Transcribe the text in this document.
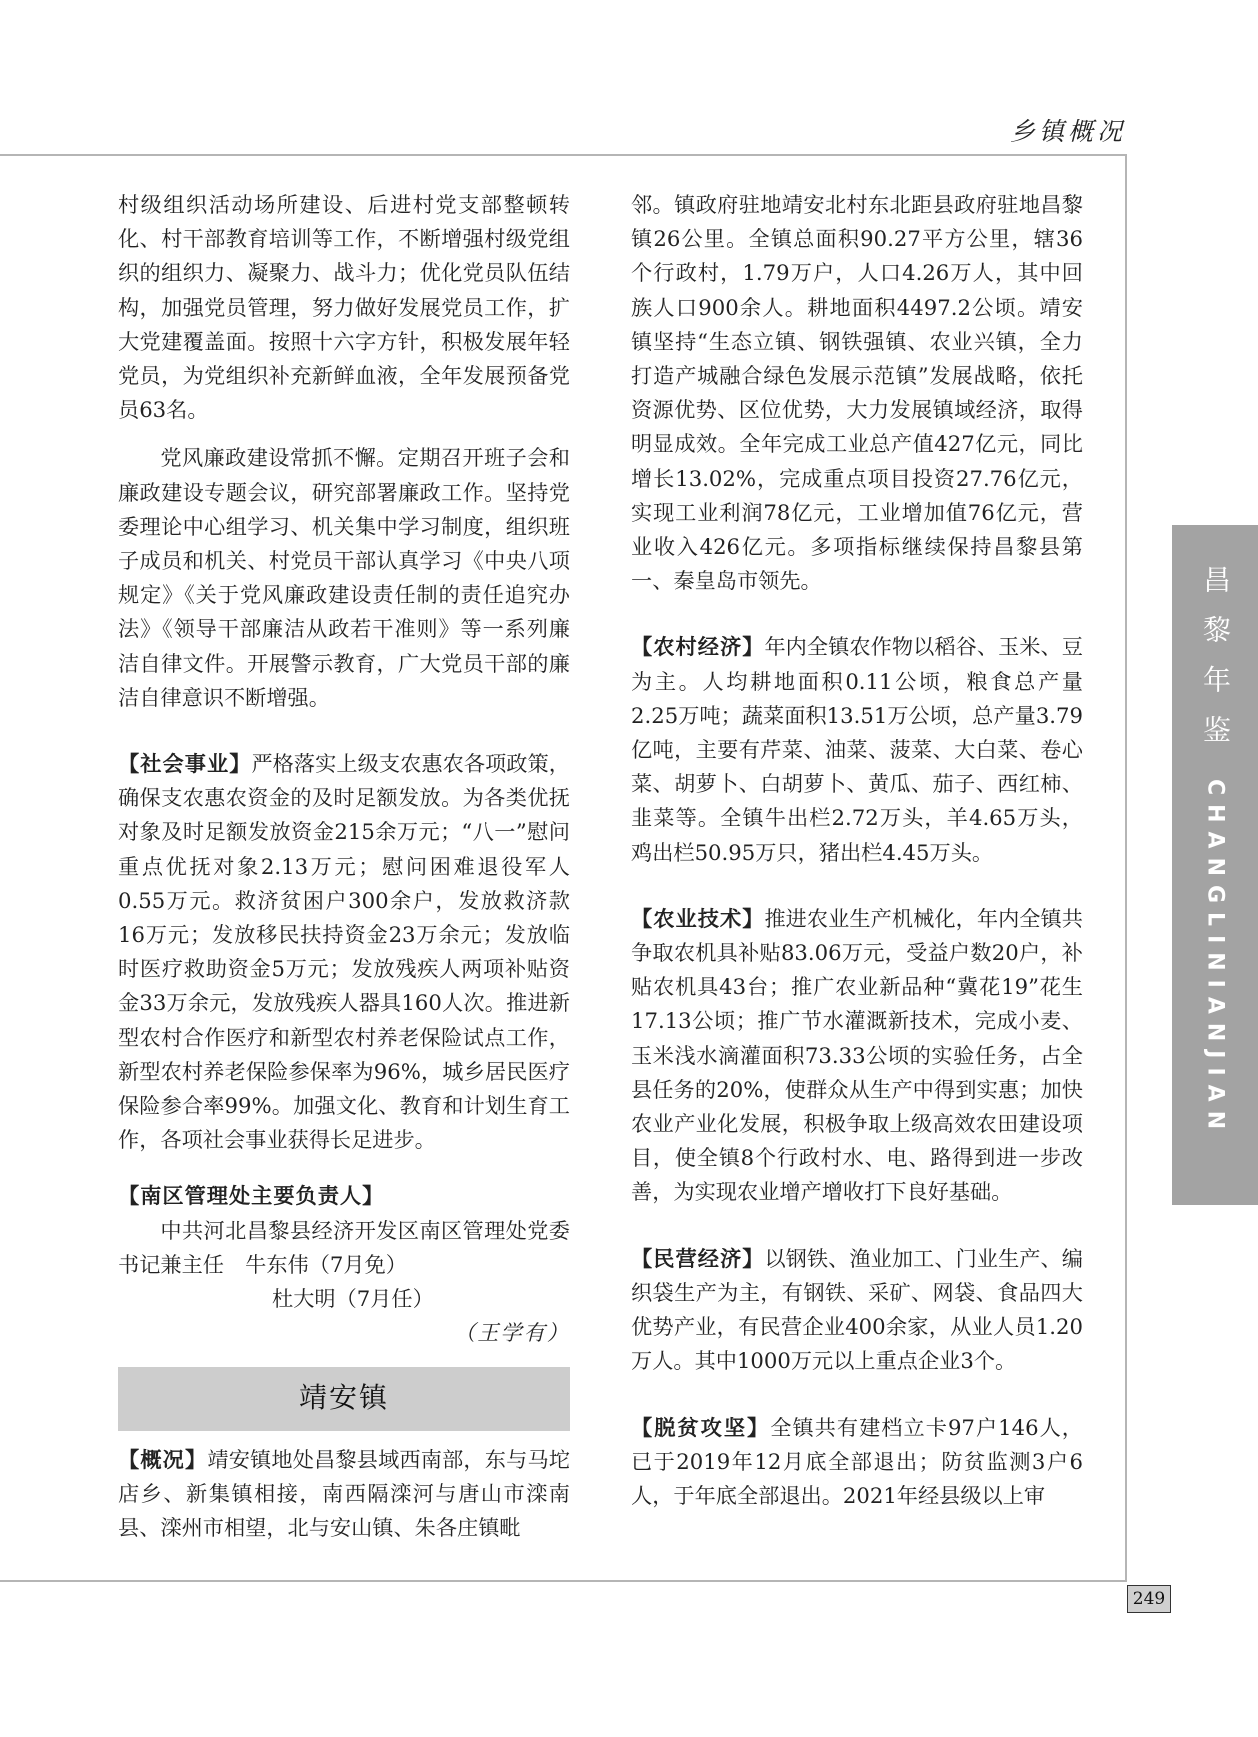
乡镇概况

村级组织活动场所建设、后进村党支部整顿转化、村干部教育培训等工作，不断增强村级党组织的组织力、凝聚力、战斗力；优化党员队伍结构，加强党员管理，努力做好发展党员工作，扩大党建覆盖面。按照十六字方针，积极发展年轻党员，为党组织补充新鲜血液，全年发展预备党员63名。

党风廉政建设常抓不懈。定期召开班子会和廉政建设专题会议，研究部署廉政工作。坚持党委理论中心组学习、机关集中学习制度，组织班子成员和机关、村党员干部认真学习《中央八项规定》《关于党风廉政建设责任制的责任追究办法》《领导干部廉洁从政若干准则》等一系列廉洁自律文件。开展警示教育，广大党员干部的廉洁自律意识不断增强。

【社会事业】严格落实上级支农惠农各项政策，确保支农惠农资金的及时足额发放。为各类优抚对象及时足额发放资金215余万元；“八一”慰问重点优抚对象2.13万元；慰问困难退役军人0.55万元。救济贫困户300余户，发放救济款16万元；发放移民扶持资金23万余元；发放临时医疗救助资金5万元；发放残疾人两项补贴资金33万余元，发放残疾人器具160人次。推进新型农村合作医疗和新型农村养老保险试点工作，新型农村养老保险参保率为96%，城乡居民医疗保险参合率99%。加强文化、教育和计划生育工作，各项社会事业获得长足进步。

【南区管理处主要负责人】

中共河北昌黎县经济开发区南区管理处党委书记兼主任　牛东伟（7月免）

杜大明（7月任）

（王学有）

靖安镇

【概况】靖安镇地处昌黎县域西南部，东与马坨店乡、新集镇相接，南西隔滦河与唐山市滦南县、滦州市相望，北与安山镇、朱各庄镇毗

邻。镇政府驻地靖安北村东北距县政府驻地昌黎镇26公里。全镇总面积90.27平方公里，辖36个行政村，1.79万户，人口4.26万人，其中回族人口900余人。耕地面积4497.2公顷。靖安镇坚持“生态立镇、钢铁强镇、农业兴镇，全力打造产城融合绿色发展示范镇”发展战略，依托资源优势、区位优势，大力发展镇域经济，取得明显成效。全年完成工业总产值427亿元，同比增长13.02%，完成重点项目投资27.76亿元，实现工业利润78亿元，工业增加值76亿元，营业收入426亿元。多项指标继续保持昌黎县第一、秦皇岛市领先。

【农村经济】年内全镇农作物以稻谷、玉米、豆为主。人均耕地面积0.11公顷，粮食总产量2.25万吨；蔬菜面积13.51万公顷，总产量3.79亿吨，主要有芹菜、油菜、菠菜、大白菜、卷心菜、胡萝卜、白胡萝卜、黄瓜、茄子、西红柿、韭菜等。全镇牛出栏2.72万头，羊4.65万头，鸡出栏50.95万只，猪出栏4.45万头。

【农业技术】推进农业生产机械化，年内全镇共争取农机具补贴83.06万元，受益户数20户，补贴农机具43台；推广农业新品种“冀花19”花生17.13公顷；推广节水灌溉新技术，完成小麦、玉米浅水滴灌面积73.33公顷的实验任务，占全县任务的20%，使群众从生产中得到实惠；加快农业产业化发展，积极争取上级高效农田建设项目，使全镇8个行政村水、电、路得到进一步改善，为实现农业增产增收打下良好基础。

【民营经济】以钢铁、渔业加工、门业生产、编织袋生产为主，有钢铁、采矿、网袋、食品四大优势产业，有民营企业400余家，从业人员1.20万人。其中1000万元以上重点企业3个。

【脱贫攻坚】全镇共有建档立卡97户146人，已于2019年12月底全部退出；防贫监测3户6人，于年底全部退出。2021年经县级以上审

昌黎年鉴
CHANGLINIANJIAN
249
